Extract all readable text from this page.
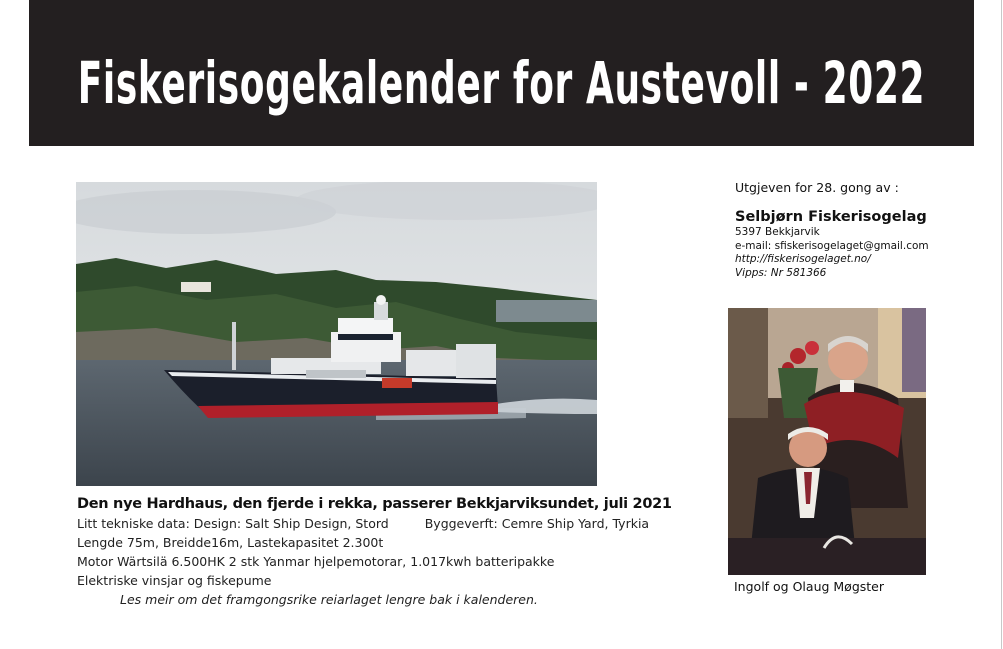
Fiskerisogekalender for Austevoll - 2022
Den nye Hardhaus, den fjerde i rekka, passerer Bekkjarviksundet, juli 2021
Litt tekniske data: Design: Salt Ship Design, Stord	Byggeverft: Cemre Ship Yard, Tyrkia
Lengde 75m, Breidde16m, Lastekapasitet 2.300t
Motor Wärtsilä 6.500HK 2 stk Yanmar hjelpemotorar, 1.017kwh batteripakke
Elektriske vinsjar og fiskepume
Les meir om det framgongsrike reiarlaget lengre bak i kalenderen.
Utgjeven for 28. gong av :
Selbjørn Fiskerisogelag
5397 Bekkjarvik
e-mail: sfiskerisogelaget@gmail.com
http://fiskerisogelaget.no/
Vipps: Nr 581366
Ingolf og Olaug Møgster
